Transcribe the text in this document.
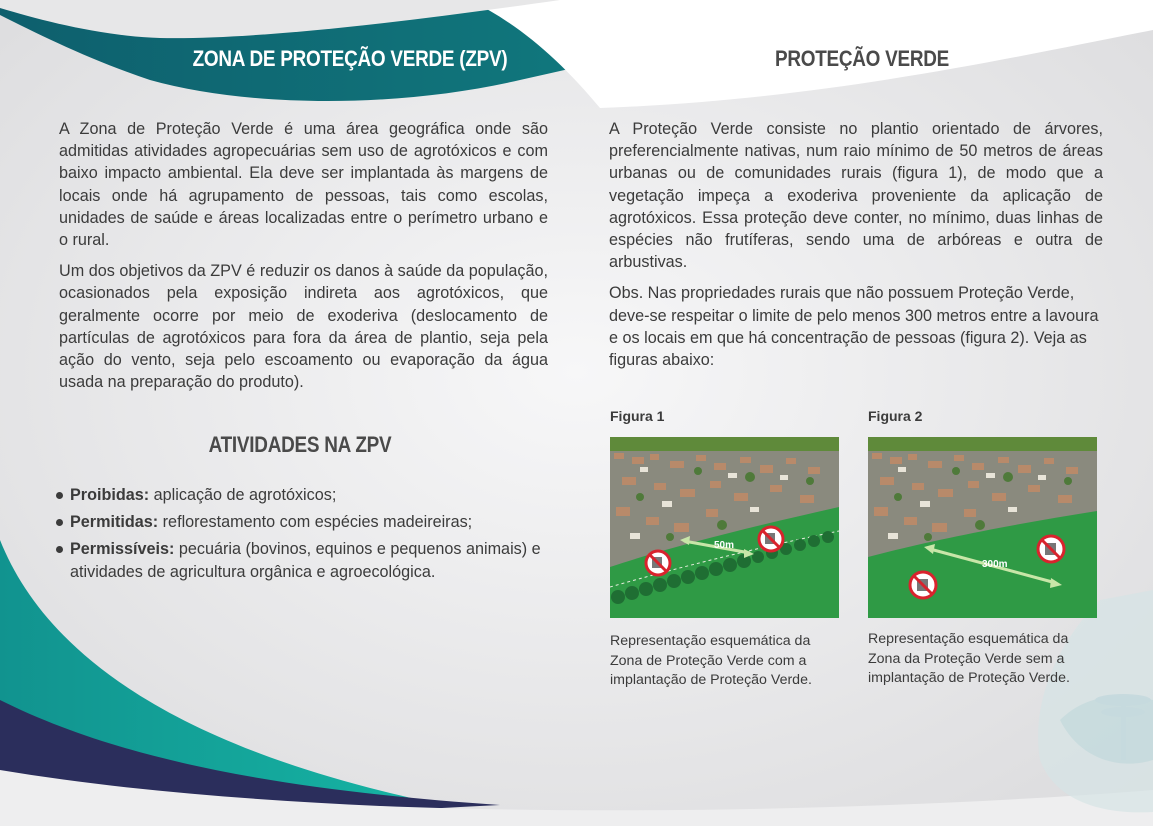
ZONA DE PROTEÇÃO VERDE (ZPV)

A Zona de Proteção Verde é uma área geográfica onde são admitidas atividades agropecuárias sem uso de agrotóxicos e com baixo impacto ambiental. Ela deve ser implantada às margens de locais onde há agrupamento de pessoas, tais como escolas, unidades de saúde e áreas localizadas entre o perímetro urbano e o rural.

Um dos objetivos da ZPV é reduzir os danos à saúde da população, ocasionados pela exposição indireta aos agrotóxicos, que geralmente ocorre por meio de exoderiva (deslocamento de partículas de agrotóxicos para fora da área de plantio, seja pela ação do vento, seja pelo escoamento ou evaporação da água usada na preparação do produto).

ATIVIDADES NA ZPV
Proibidas: aplicação de agrotóxicos;
Permitidas: reflorestamento com espécies madeireiras;
Permissíveis: pecuária (bovinos, equinos e pequenos animais) e atividades de agricultura orgânica e agroecológica.
PROTEÇÃO VERDE

A Proteção Verde consiste no plantio orientado de árvores, preferencialmente nativas, num raio mínimo de 50 metros de áreas urbanas ou de comunidades rurais (figura 1), de modo que a vegetação impeça a exoderiva proveniente da aplicação de agrotóxicos. Essa proteção deve conter, no mínimo, duas linhas de espécies não frutíferas, sendo uma de arbóreas e outra de arbustivas.

Obs. Nas propriedades rurais que não possuem Proteção Verde, deve-se respeitar o limite de pelo menos 300 metros entre a lavoura e os locais em que há concentração de pessoas (figura 2). Veja as figuras abaixo:

Figura 1
50m
Representação esquemática da
Zona de Proteção Verde com a
implantação de Proteção Verde.
Figura 2
300m
Representação esquemática da
Zona da Proteção Verde sem a
implantação de Proteção Verde.
